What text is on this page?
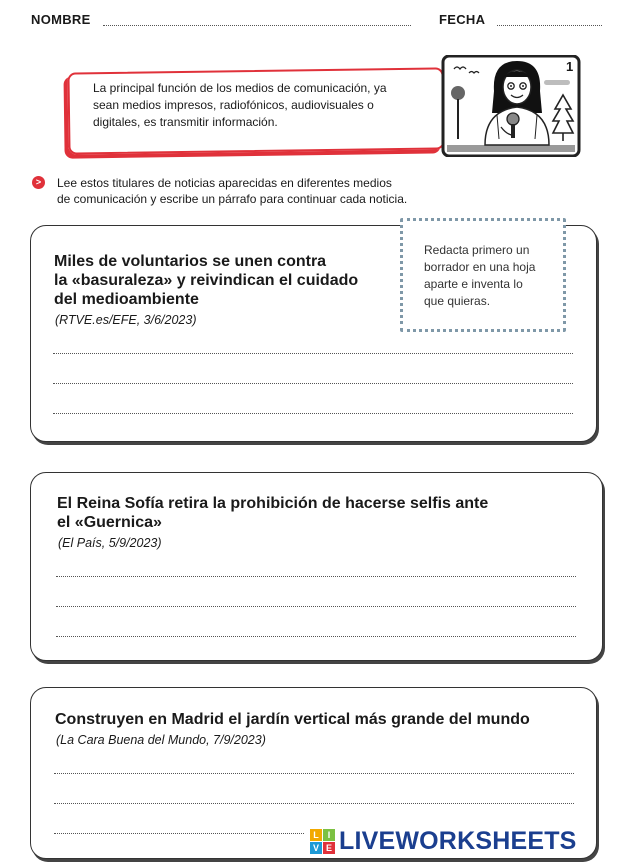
NOMBRE	FECHA
La principal función de los medios de comunicación, ya
sean medios impresos, radiofónicos, audiovisuales o
digitales, es transmitir información.
1
>	Lee estos titulares de noticias aparecidas en diferentes medios
de comunicación y escribe un párrafo para continuar cada noticia.
Miles de voluntarios se unen contra
la «basuraleza» y reivindican el cuidado
del medioambiente
(RTVE.es/EFE, 3/6/2023)
Redacta primero un
borrador en una hoja
aparte e inventa lo
que quieras.
El Reina Sofía retira la prohibición de hacerse selfis ante
el «Guernica»
(El País, 5/9/2023)
Construyen en Madrid el jardín vertical más grande del mundo
(La Cara Buena del Mundo, 7/9/2023)
L I
V E LIVEWORKSHEETS
